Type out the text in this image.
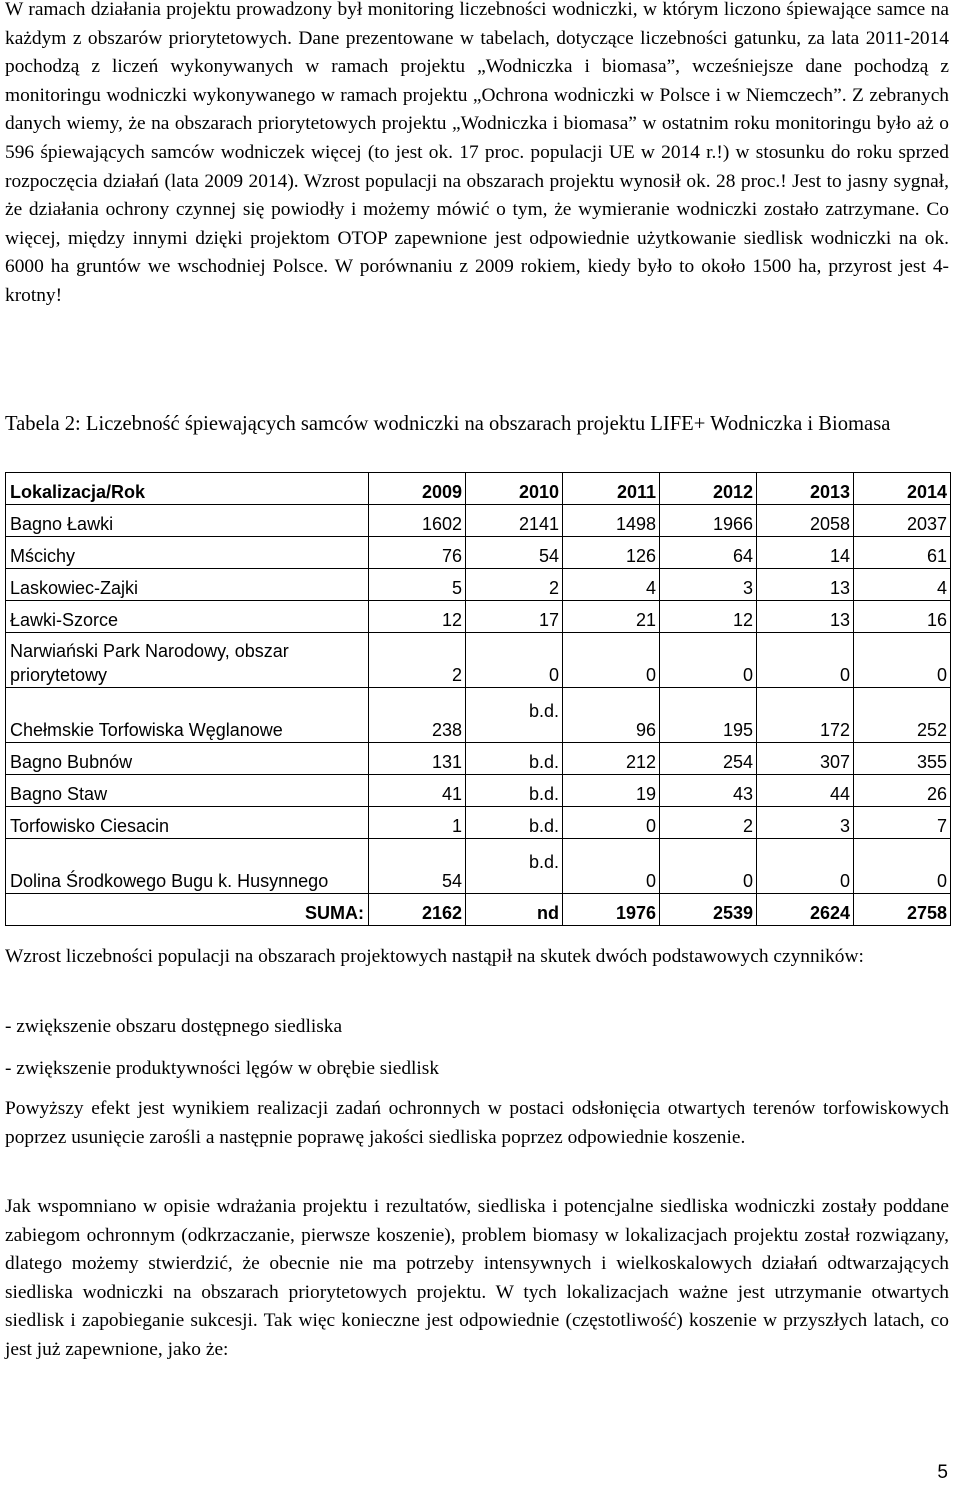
W ramach działania projektu prowadzony był monitoring liczebności wodniczki, w którym liczono śpiewające samce na każdym z obszarów priorytetowych. Dane prezentowane w tabelach, dotyczące liczebności gatunku, za lata 2011-2014 pochodzą z liczeń wykonywanych w ramach projektu „Wodniczka i biomasa”, wcześniejsze dane pochodzą z monitoringu wodniczki wykonywanego w ramach projektu „Ochrona wodniczki w Polsce i w Niemczech”. Z zebranych danych wiemy, że na obszarach priorytetowych projektu „Wodniczka i biomasa” w ostatnim roku monitoringu było aż o 596 śpiewających samców wodniczek więcej (to jest ok. 17 proc. populacji UE w 2014 r.!) w stosunku do roku sprzed rozpoczęcia działań (lata 2009 2014). Wzrost populacji na obszarach projektu wynosił ok. 28 proc.! Jest to jasny sygnał, że działania ochrony czynnej się powiodły i możemy mówić o tym, że wymieranie wodniczki zostało zatrzymane. Co więcej, między innymi dzięki projektom OTOP zapewnione jest odpowiednie użytkowanie siedlisk wodniczki na ok. 6000 ha gruntów we wschodniej Polsce. W porównaniu z 2009 rokiem, kiedy było to około 1500 ha, przyrost jest 4-krotny!

Tabela 2: Liczebność śpiewających samców wodniczki na obszarach projektu LIFE+ Wodniczka i Biomasa

Lokalizacja/Rok	2009	2010	2011	2012	2013	2014
Bagno Ławki	1602	2141	1498	1966	2058	2037
Mścichy	76	54	126	64	14	61
Laskowiec-Zajki	5	2	4	3	13	4
Ławki-Szorce	12	17	21	12	13	16
Narwiański Park Narodowy, obszar priorytetowy	2	0	0	0	0	0
Chełmskie Torfowiska Węglanowe	238	b.d.	96	195	172	252
Bagno Bubnów	131	b.d.	212	254	307	355
Bagno Staw	41	b.d.	19	43	44	26
Torfowisko Ciesacin	1	b.d.	0	2	3	7
Dolina Środkowego Bugu k. Husynnego	54	b.d.	0	0	0	0
SUMA:	2162	nd	1976	2539	2624	2758

Wzrost liczebności populacji na obszarach projektowych nastąpił na skutek dwóch podstawowych czynników:

- zwiększenie obszaru dostępnego siedliska

- zwiększenie produktywności lęgów w obrębie siedlisk

Powyższy efekt jest wynikiem realizacji zadań ochronnych w postaci odsłonięcia otwartych terenów torfowiskowych poprzez usunięcie zarośli a następnie poprawę jakości siedliska poprzez odpowiednie koszenie.

Jak wspomniano w opisie wdrażania projektu i rezultatów, siedliska i potencjalne siedliska wodniczki zostały poddane zabiegom ochronnym (odkrzaczanie, pierwsze koszenie), problem biomasy w lokalizacjach projektu został rozwiązany, dlatego możemy stwierdzić, że obecnie nie ma potrzeby intensywnych i wielkoskalowych działań odtwarzających siedliska wodniczki na obszarach priorytetowych projektu. W tych lokalizacjach ważne jest utrzymanie otwartych siedlisk i zapobieganie sukcesji. Tak więc konieczne jest odpowiednie (częstotliwość) koszenie w przyszłych latach, co jest już zapewnione, jako że:

5
